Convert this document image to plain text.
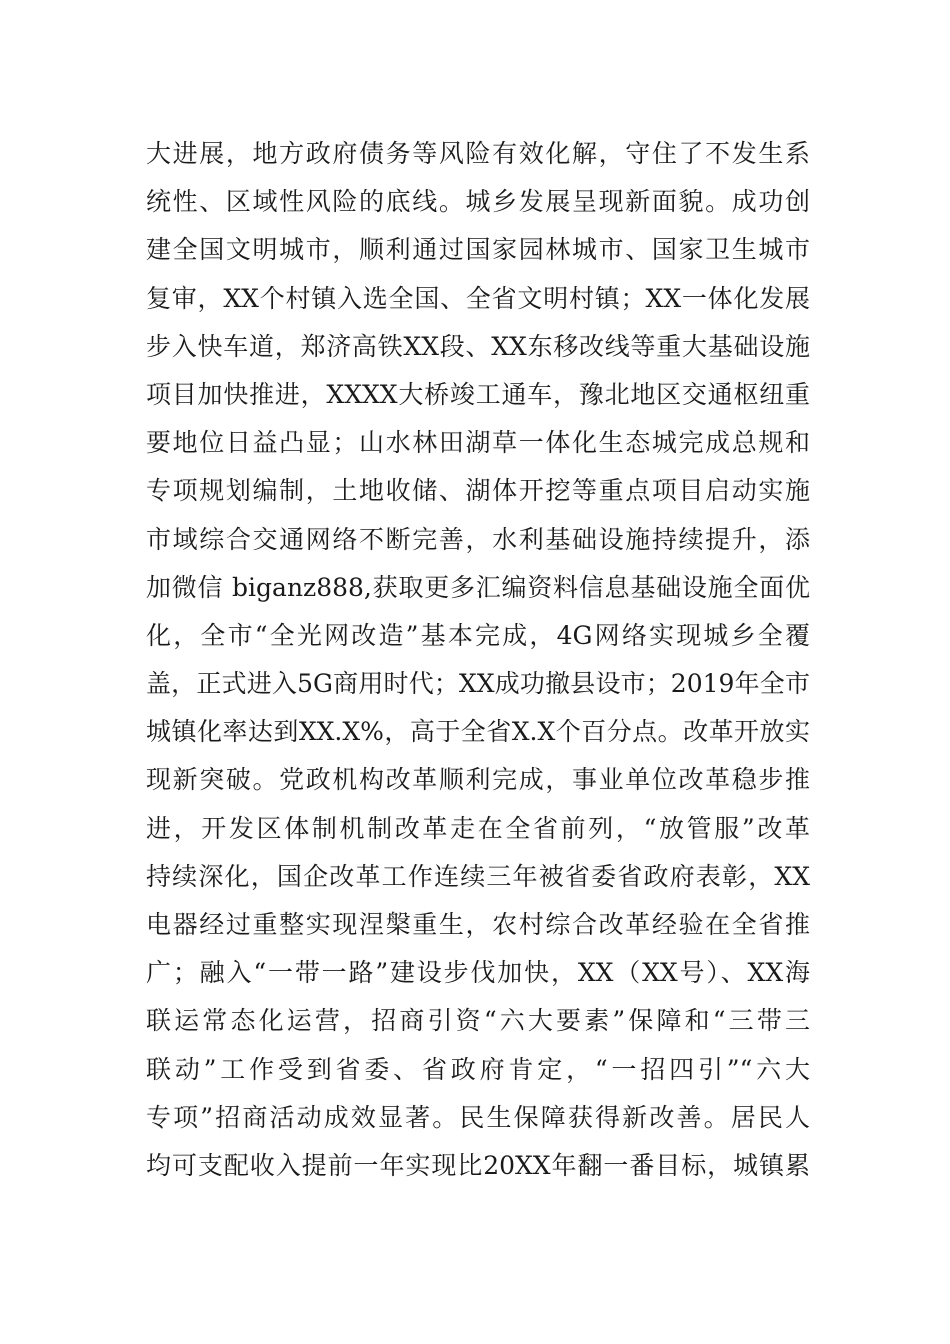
大进展，地方政府债务等风险有效化解，守住了不发生系
统性、区域性风险的底线。城乡发展呈现新面貌。成功创
建全国文明城市，顺利通过国家园林城市、国家卫生城市
复审，XX个村镇入选全国、全省文明村镇；XX一体化发展
步入快车道，郑济高铁XX段、XX东移改线等重大基础设施
项目加快推进，XXXX大桥竣工通车，豫北地区交通枢纽重
要地位日益凸显；山水林田湖草一体化生态城完成总规和
专项规划编制，土地收储、湖体开挖等重点项目启动实施
市域综合交通网络不断完善，水利基础设施持续提升，添
加微信 biganz888,获取更多汇编资料信息基础设施全面优
化，全市“全光网改造”基本完成，4G网络实现城乡全覆
盖，正式进入5G商用时代；XX成功撤县设市；2019年全市
城镇化率达到XX.X%，高于全省X.X个百分点。改革开放实
现新突破。党政机构改革顺利完成，事业单位改革稳步推
进，开发区体制机制改革走在全省前列，“放管服”改革
持续深化，国企改革工作连续三年被省委省政府表彰，XX
电器经过重整实现涅槃重生，农村综合改革经验在全省推
广；融入“一带一路”建设步伐加快，XX（XX号）、XX海
联运常态化运营，招商引资“六大要素”保障和“三带三
联动”工作受到省委、省政府肯定，“一招四引”“六大
专项”招商活动成效显著。民生保障获得新改善。居民人
均可支配收入提前一年实现比20XX年翻一番目标，城镇累
